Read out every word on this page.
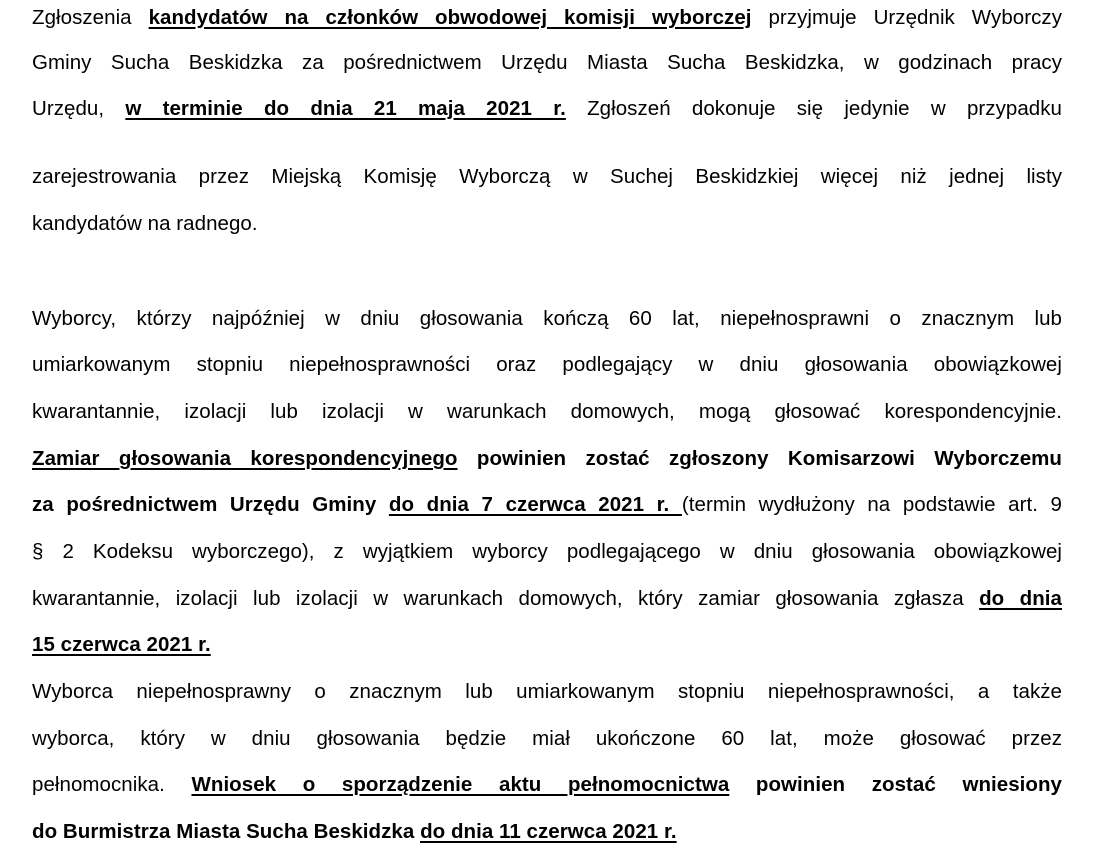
Zgłoszenia kandydatów na członków obwodowej komisji wyborczej przyjmuje Urzędnik Wyborczy
Gminy Sucha Beskidzka za pośrednictwem Urzędu Miasta Sucha Beskidzka, w godzinach pracy
Urzędu, w terminie do dnia 21 maja 2021 r. Zgłoszeń dokonuje się jedynie w przypadku
zarejestrowania przez Miejską Komisję Wyborczą w Suchej Beskidzkiej więcej niż jednej listy
kandydatów na radnego.
Wyborcy, którzy najpóźniej w dniu głosowania kończą 60 lat, niepełnosprawni o znacznym lub
umiarkowanym stopniu niepełnosprawności oraz podlegający w dniu głosowania obowiązkowej
kwarantannie, izolacji lub izolacji w warunkach domowych, mogą głosować korespondencyjnie.
Zamiar głosowania korespondencyjnego powinien zostać zgłoszony Komisarzowi Wyborczemu
za pośrednictwem Urzędu Gminy do dnia 7 czerwca 2021 r. (termin wydłużony na podstawie art. 9
§ 2 Kodeksu wyborczego), z wyjątkiem wyborcy podlegającego w dniu głosowania obowiązkowej
kwarantannie, izolacji lub izolacji w warunkach domowych, który zamiar głosowania zgłasza do dnia
15 czerwca 2021 r.
Wyborca niepełnosprawny o znacznym lub umiarkowanym stopniu niepełnosprawności, a także
wyborca, który w dniu głosowania będzie miał ukończone 60 lat, może głosować przez
pełnomocnika. Wniosek o sporządzenie aktu pełnomocnictwa powinien zostać wniesiony
do Burmistrza Miasta Sucha Beskidzka do dnia 11 czerwca 2021 r.
